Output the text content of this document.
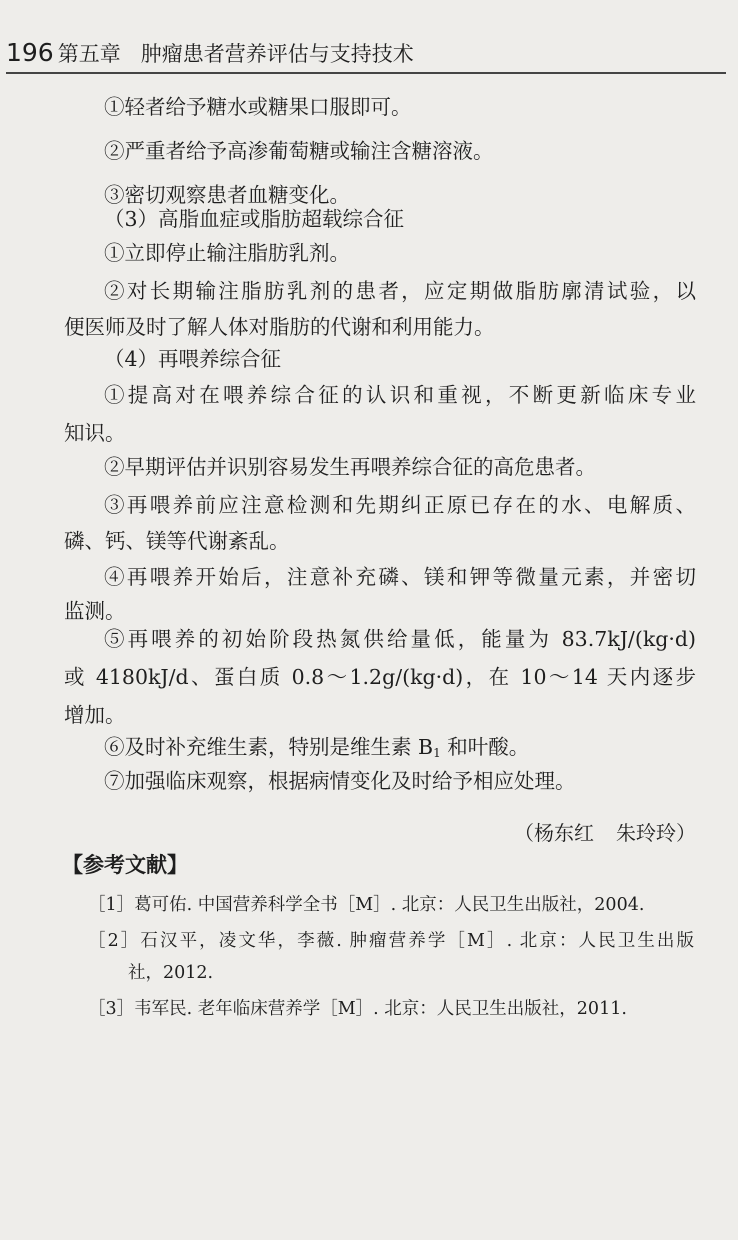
196 第五章 肿瘤患者营养评估与支持技术
①轻者给予糖水或糖果口服即可。
②严重者给予高渗葡萄糖或输注含糖溶液。
③密切观察患者血糖变化。
（3）高脂血症或脂肪超载综合征
①立即停止输注脂肪乳剂。
②对长期输注脂肪乳剂的患者，应定期做脂肪廓清试验，以
便医师及时了解人体对脂肪的代谢和利用能力。
（4）再喂养综合征
①提高对在喂养综合征的认识和重视，不断更新临床专业
知识。
②早期评估并识别容易发生再喂养综合征的高危患者。
③再喂养前应注意检测和先期纠正原已存在的水、电解质、
磷、钙、镁等代谢紊乱。
④再喂养开始后，注意补充磷、镁和钾等微量元素，并密切
监测。
⑤再喂养的初始阶段热氮供给量低，能量为 83.7kJ/(kg·d)
或 4180kJ/d、蛋白质 0.8～1.2g/(kg·d)，在 10～14 天内逐步
增加。
⑥及时补充维生素，特别是维生素 B1 和叶酸。
⑦加强临床观察，根据病情变化及时给予相应处理。
（杨东红 朱玲玲）
【参考文献】
［1］葛可佑. 中国营养科学全书［M］. 北京：人民卫生出版社，2004.
［2］石汉平，凌文华，李薇. 肿瘤营养学［M］. 北京：人民卫生出版
社，2012.
［3］韦军民. 老年临床营养学［M］. 北京：人民卫生出版社，2011.
